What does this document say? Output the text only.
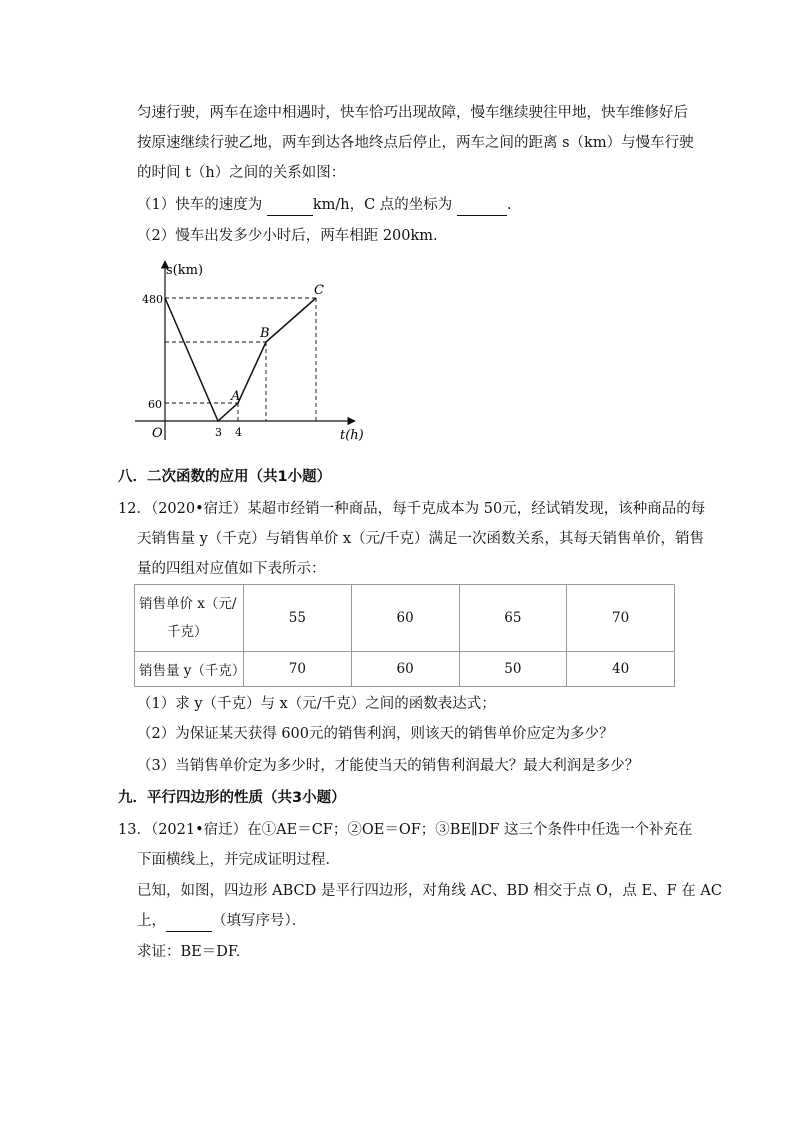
匀速行驶，两车在途中相遇时，快车恰巧出现故障，慢车继续驶往甲地，快车维修好后
按原速继续行驶乙地，两车到达各地终点后停止，两车之间的距离 s（km）与慢车行驶
的时间 t（h）之间的关系如图：
（1）快车的速度为	km/h，C 点的坐标为	.
（2）慢车出发多少小时后，两车相距 200km.
s(km)
t(h)
O
480
60
3 4
A
B
C
八．二次函数的应用（共1小题）
12．（2020•宿迁）某超市经销一种商品，每千克成本为 50元，经试销发现，该种商品的每
天销售量 y（千克）与销售单价 x（元/千克）满足一次函数关系，其每天销售单价，销售
量的四组对应值如下表所示：
销售单价 x（元/
千克）	55	60	65	70
销售量 y（千克）	70	60	50	40
（1）求 y（千克）与 x（元/千克）之间的函数表达式；
（2）为保证某天获得 600元的销售利润，则该天的销售单价应定为多少？
（3）当销售单价定为多少时，才能使当天的销售利润最大？最大利润是多少？
九．平行四边形的性质（共3小题）
13．（2021•宿迁）在①AE＝CF；②OE＝OF；③BE∥DF 这三个条件中任选一个补充在
下面横线上，并完成证明过程．
已知，如图，四边形 ABCD 是平行四边形，对角线 AC、BD 相交于点 O，点 E、F 在 AC
上，	（填写序号）．
求证：BE＝DF.
